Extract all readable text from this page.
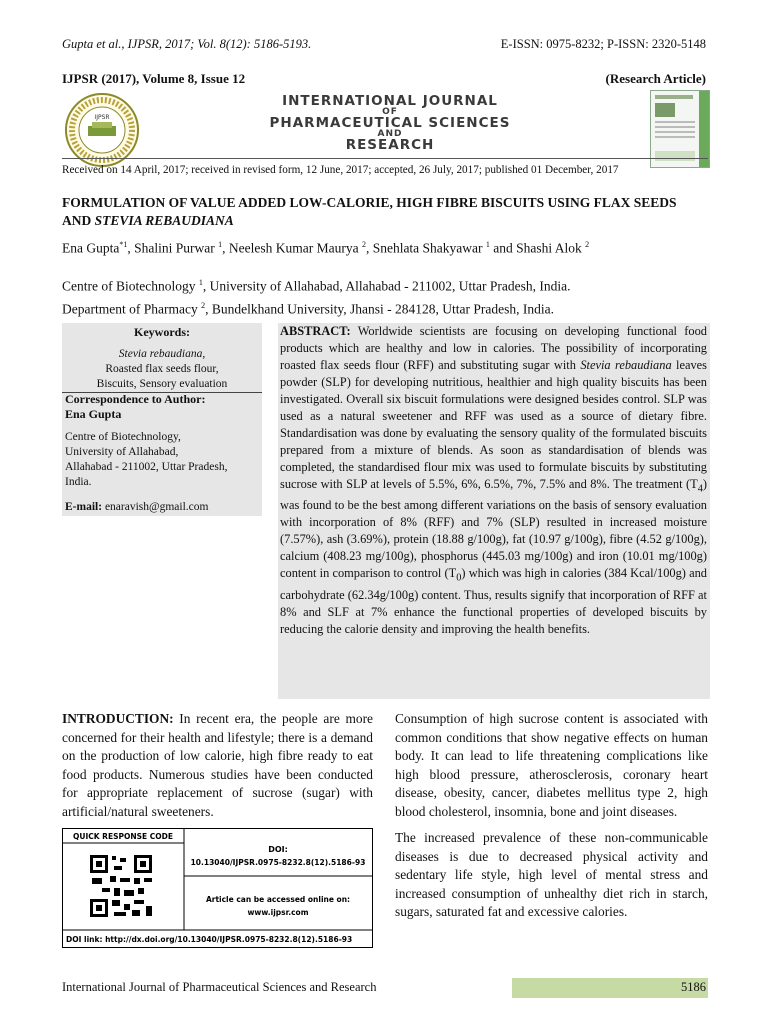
Gupta et al., IJPSR, 2017; Vol. 8(12): 5186-5193.	E-ISSN: 0975-8232; P-ISSN: 2320-5148
IJPSR (2017), Volume 8, Issue 12	(Research Article)
IJPSR
INTERNATIONAL JOURNAL
OF
PHARMACEUTICAL SCIENCES
AND
RESEARCH
Received on 14 April, 2017; received in revised form, 12 June, 2017; accepted, 26 July, 2017; published 01 December, 2017
FORMULATION OF VALUE ADDED LOW-CALORIE, HIGH FIBRE BISCUITS USING FLAX SEEDS AND STEVIA REBAUDIANA
Ena Gupta$^{*1}$, Shalini Purwar $^1$, Neelesh Kumar Maurya $^2$, Snehlata Shakyawar $^1$ and Shashi Alok $^2$
Centre of Biotechnology $^1$, University of Allahabad, Allahabad - 211002, Uttar Pradesh, India.
Department of Pharmacy $^2$, Bundelkhand University, Jhansi - 284128, Uttar Pradesh, India.
Keywords:
Stevia rebaudiana,
Roasted flax seeds flour,
Biscuits, Sensory evaluation
Correspondence to Author:
Ena Gupta
Centre of Biotechnology,
University of Allahabad,
Allahabad - 211002, Uttar Pradesh,
India.
E-mail: enaravish@gmail.com
ABSTRACT: Worldwide scientists are focusing on developing functional food products which are healthy and low in calories. The possibility of incorporating roasted flax seeds flour (RFF) and substituting sugar with Stevia rebaudiana leaves powder (SLP) for developing nutritious, healthier and high quality biscuits has been investigated. Overall six biscuit formulations were designed besides control. SLP was used as a natural sweetener and RFF was used as a source of dietary fibre. Standardisation was done by evaluating the sensory quality of the formulated biscuits prepared from a mixture of blends. As soon as standardisation of blends was completed, the standardised flour mix was used to formulate biscuits by substituting sucrose with SLP at levels of 5.5%, 6%, 6.5%, 7%, 7.5% and 8%. The treatment $(T_4)$ was found to be the best among different variations on the basis of sensory evaluation with incorporation of 8% (RFF) and 7% (SLP) resulted in increased moisture (7.57%), ash (3.69%), protein (18.88 g/100g), fat (10.97 g/100g), fibre (4.52 g/100g), calcium (408.23 mg/100g), phosphorus (445.03 mg/100g) and iron (10.01 mg/100g) content in comparison to control $(T_0)$ which was high in calories (384 Kcal/100g) and carbohydrate (62.34g/100g) content. Thus, results signify that incorporation of RFF at 8% and SLF at 7% enhance the functional properties of developed biscuits by reducing the calorie density and improving the health benefits.
INTRODUCTION: In recent era, the people are more concerned for their health and lifestyle; there is a demand on the production of low calorie, high fibre ready to eat food products. Numerous studies have been conducted for appropriate replacement of sucrose (sugar) with artificial/natural sweeteners.
QUICK RESPONSE CODE
DOI:
10.13040/IJPSR.0975-8232.8(12).5186-93
Article can be accessed online on:
www.ijpsr.com
DOI link: http://dx.doi.org/10.13040/IJPSR.0975-8232.8(12).5186-93

Consumption of high sucrose content is associated with common conditions that show negative effects on human body. It can lead to life threatening complications like high blood pressure, atherosclerosis, coronary heart disease, obesity, cancer, diabetes mellitus type 2, high blood cholesterol, insomnia, bone and joint diseases.

The increased prevalence of these non-communicable diseases is due to decreased physical activity and sedentary life style, high level of mental stress and increased consumption of unhealthy diet rich in starch, sugars, saturated fat and excessive calories.

International Journal of Pharmaceutical Sciences and Research	5186
